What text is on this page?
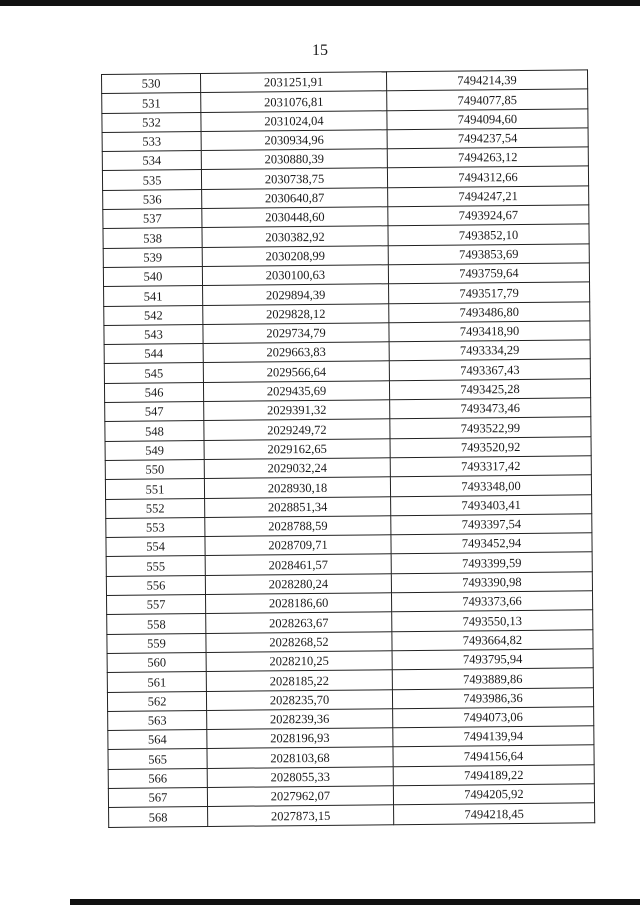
15
530	2031251,91	7494214,39
531	2031076,81	7494077,85
532	2031024,04	7494094,60
533	2030934,96	7494237,54
534	2030880,39	7494263,12
535	2030738,75	7494312,66
536	2030640,87	7494247,21
537	2030448,60	7493924,67
538	2030382,92	7493852,10
539	2030208,99	7493853,69
540	2030100,63	7493759,64
541	2029894,39	7493517,79
542	2029828,12	7493486,80
543	2029734,79	7493418,90
544	2029663,83	7493334,29
545	2029566,64	7493367,43
546	2029435,69	7493425,28
547	2029391,32	7493473,46
548	2029249,72	7493522,99
549	2029162,65	7493520,92
550	2029032,24	7493317,42
551	2028930,18	7493348,00
552	2028851,34	7493403,41
553	2028788,59	7493397,54
554	2028709,71	7493452,94
555	2028461,57	7493399,59
556	2028280,24	7493390,98
557	2028186,60	7493373,66
558	2028263,67	7493550,13
559	2028268,52	7493664,82
560	2028210,25	7493795,94
561	2028185,22	7493889,86
562	2028235,70	7493986,36
563	2028239,36	7494073,06
564	2028196,93	7494139,94
565	2028103,68	7494156,64
566	2028055,33	7494189,22
567	2027962,07	7494205,92
568	2027873,15	7494218,45
